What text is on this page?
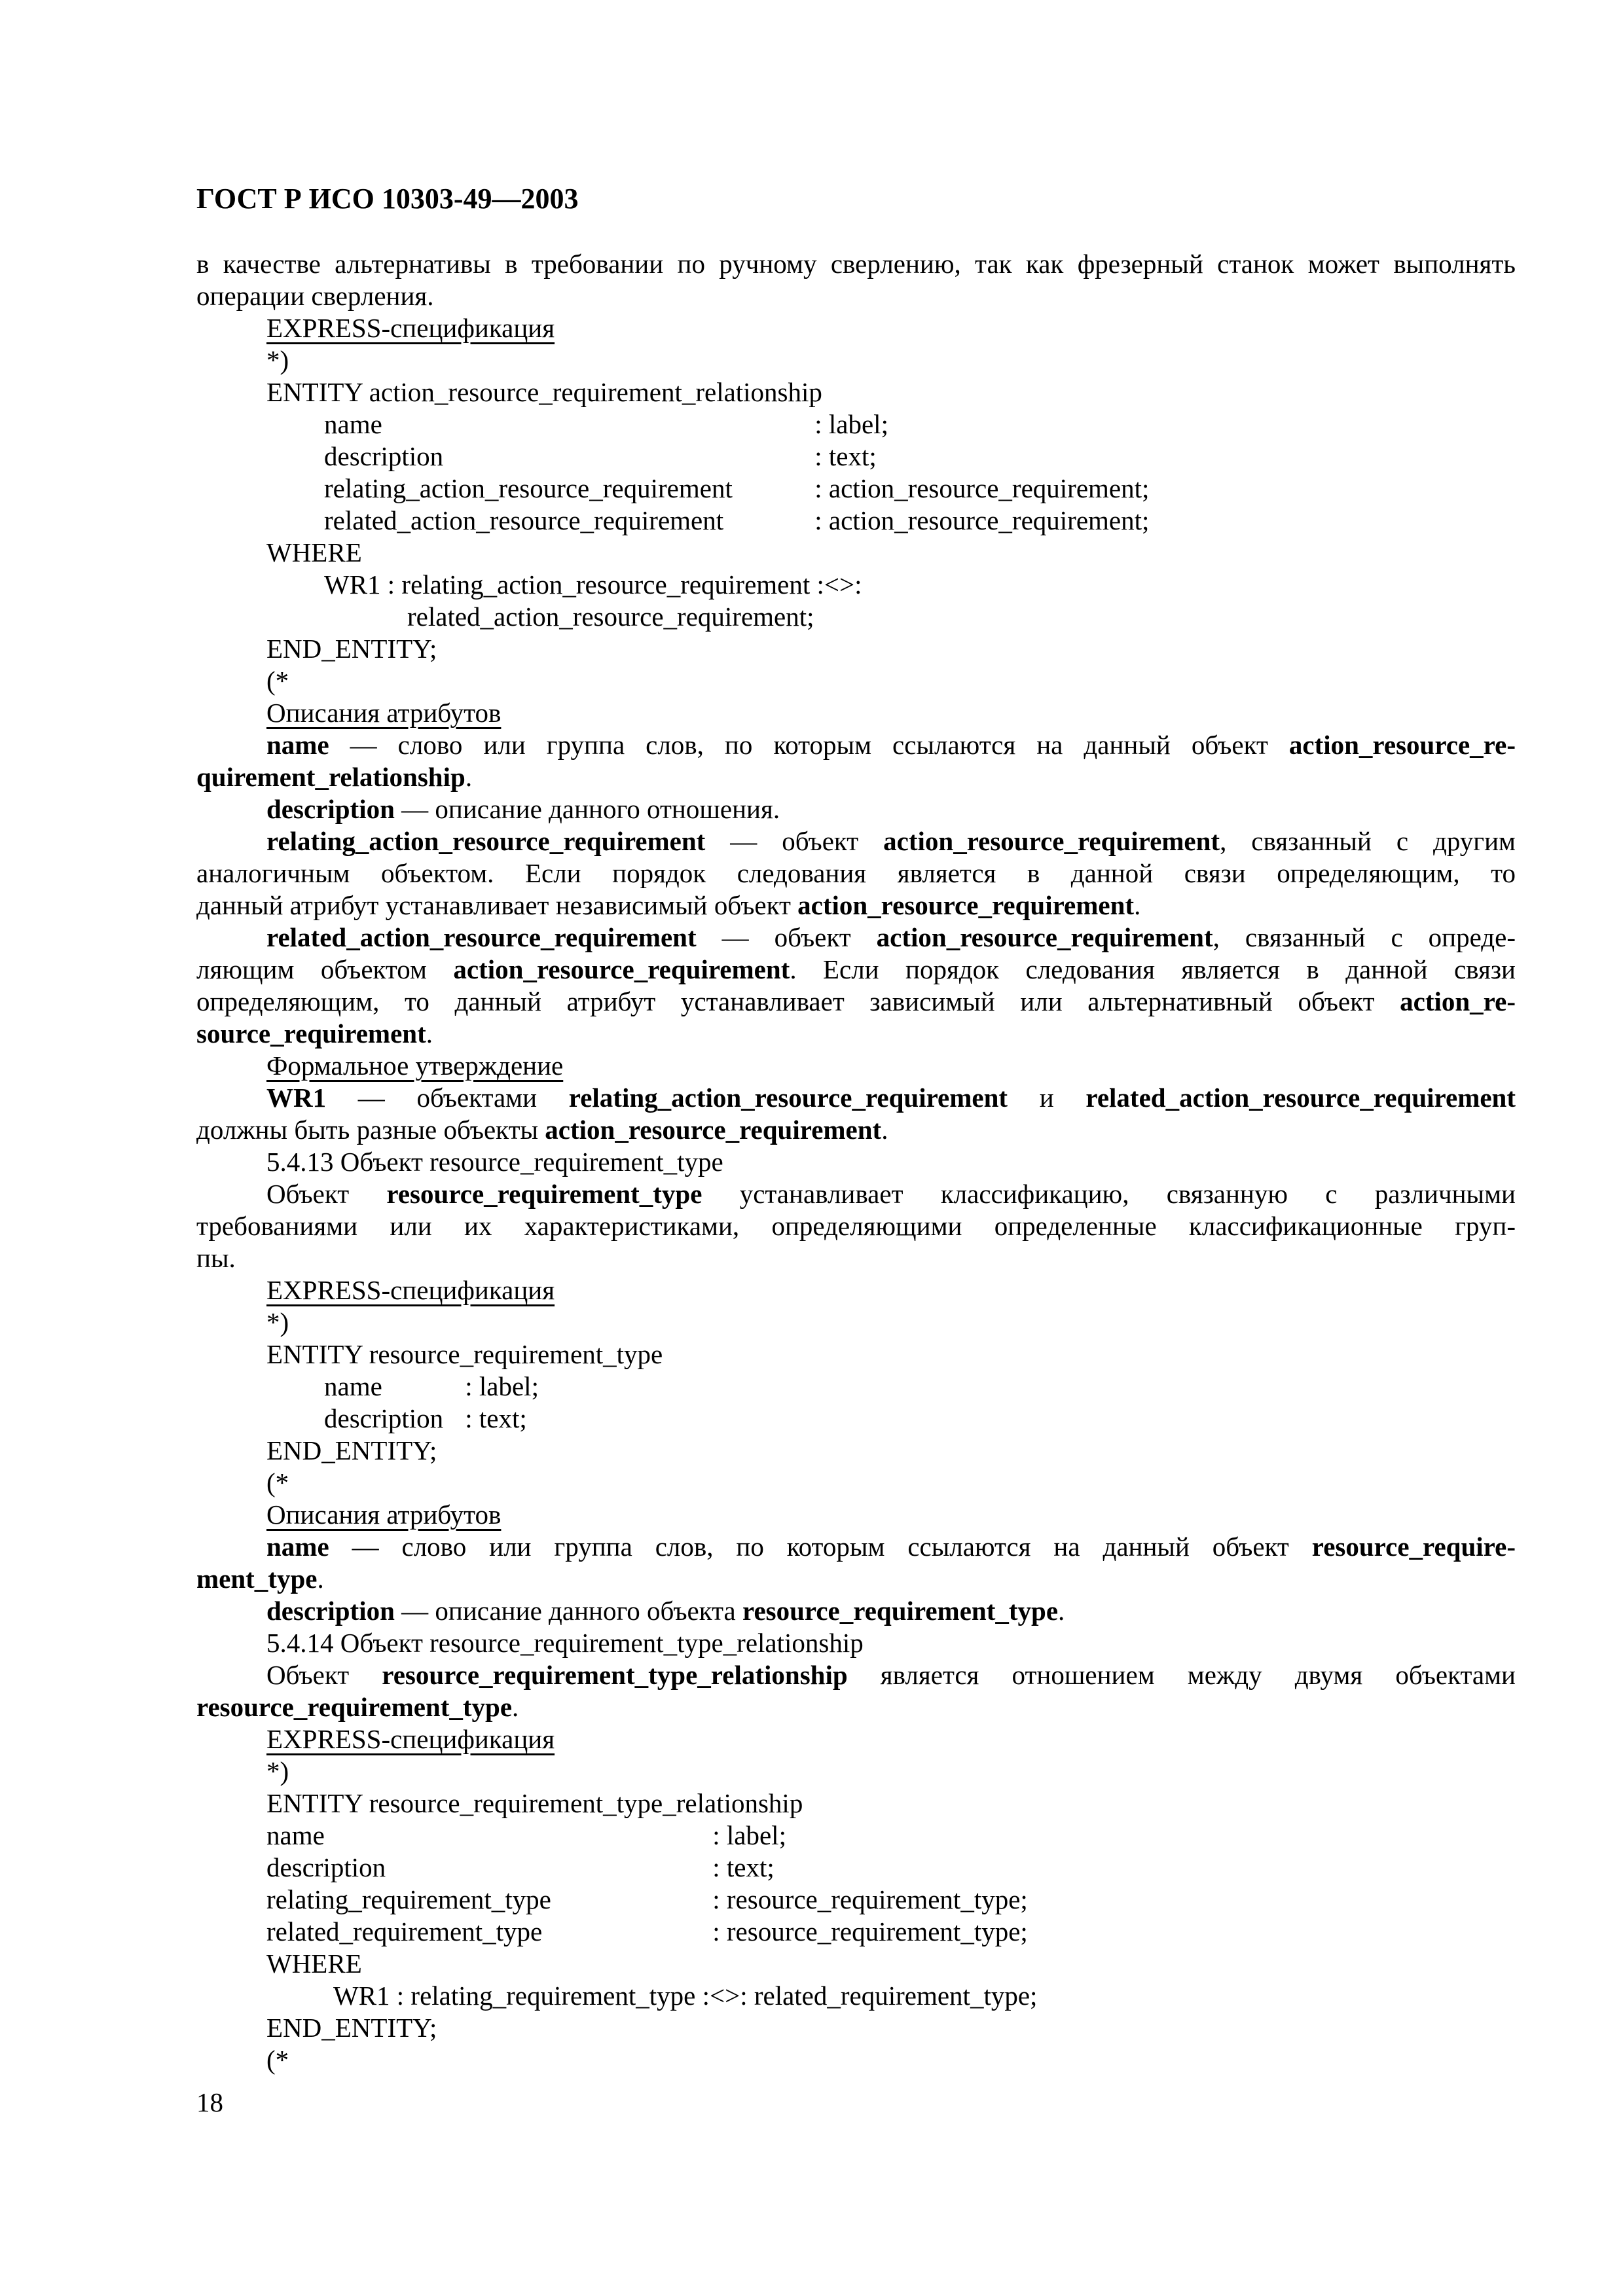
ГОСТ Р ИСО 10303-49—2003
в качестве альтернативы в требовании по ручному сверлению, так как фрезерный станок может выполнять
операции сверления.
EXPRESS-спецификация
*)
ENTITY action_resource_requirement_relationship
name	: label;
description	: text;
relating_action_resource_requirement	: action_resource_requirement;
related_action_resource_requirement	: action_resource_requirement;
WHERE
WR1 : relating_action_resource_requirement :<>:
related_action_resource_requirement;
END_ENTITY;
(*
Описания атрибутов
name — слово или группа слов, по которым ссылаются на данный объект action_resource_re-
quirement_relationship.
description — описание данного отношения.
relating_action_resource_requirement — объект action_resource_requirement, связанный с другим
аналогичным объектом. Если порядок следования является в данной связи определяющим, то
данный атрибут устанавливает независимый объект action_resource_requirement.
related_action_resource_requirement — объект action_resource_requirement, связанный с опреде-
ляющим объектом action_resource_requirement. Если порядок следования является в данной связи
определяющим, то данный атрибут устанавливает зависимый или альтернативный объект action_re-
source_requirement.
Формальное утверждение
WR1 — объектами relating_action_resource_requirement и related_action_resource_requirement
должны быть разные объекты action_resource_requirement.
5.4.13 Объект resource_requirement_type
Объект resource_requirement_type устанавливает классификацию, связанную с различными
требованиями или их характеристиками, определяющими определенные классификационные груп-
пы.
EXPRESS-спецификация
*)
ENTITY resource_requirement_type
name	: label;
description : text;
END_ENTITY;
(*
Описания атрибутов
name — слово или группа слов, по которым ссылаются на данный объект resource_require-
ment_type.
description — описание данного объекта resource_requirement_type.
5.4.14 Объект resource_requirement_type_relationship
Объект resource_requirement_type_relationship является отношением между двумя объектами
resource_requirement_type.
EXPRESS-спецификация
*)
ENTITY resource_requirement_type_relationship
name	: label;
description	: text;
relating_requirement_type	: resource_requirement_type;
related_requirement_type	: resource_requirement_type;
WHERE
WR1 : relating_requirement_type :<>: related_requirement_type;
END_ENTITY;
(*
18
